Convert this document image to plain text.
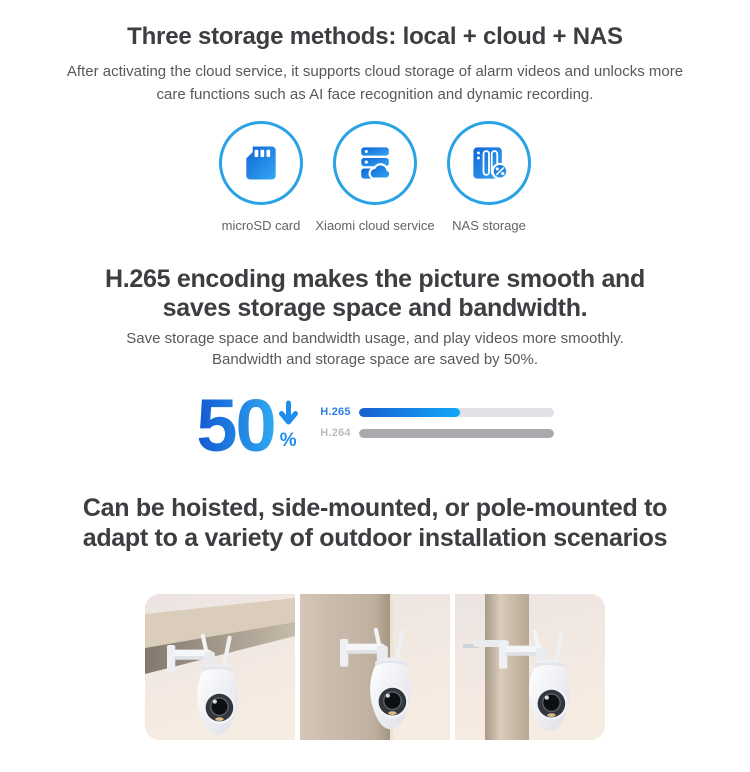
Three storage methods: local + cloud + NAS

After activating the cloud service, it supports cloud storage of alarm videos and unlocks more
care functions such as AI face recognition and dynamic recording.

microSD card Xiaomi cloud service NAS storage
H.265 encoding makes the picture smooth and
saves storage space and bandwidth.

Save storage space and bandwidth usage, and play videos more smoothly.
Bandwidth and storage space are saved by 50%.

50 %
H.265
H.264
Can be hoisted, side-mounted, or pole-mounted to
adapt to a variety of outdoor installation scenarios
